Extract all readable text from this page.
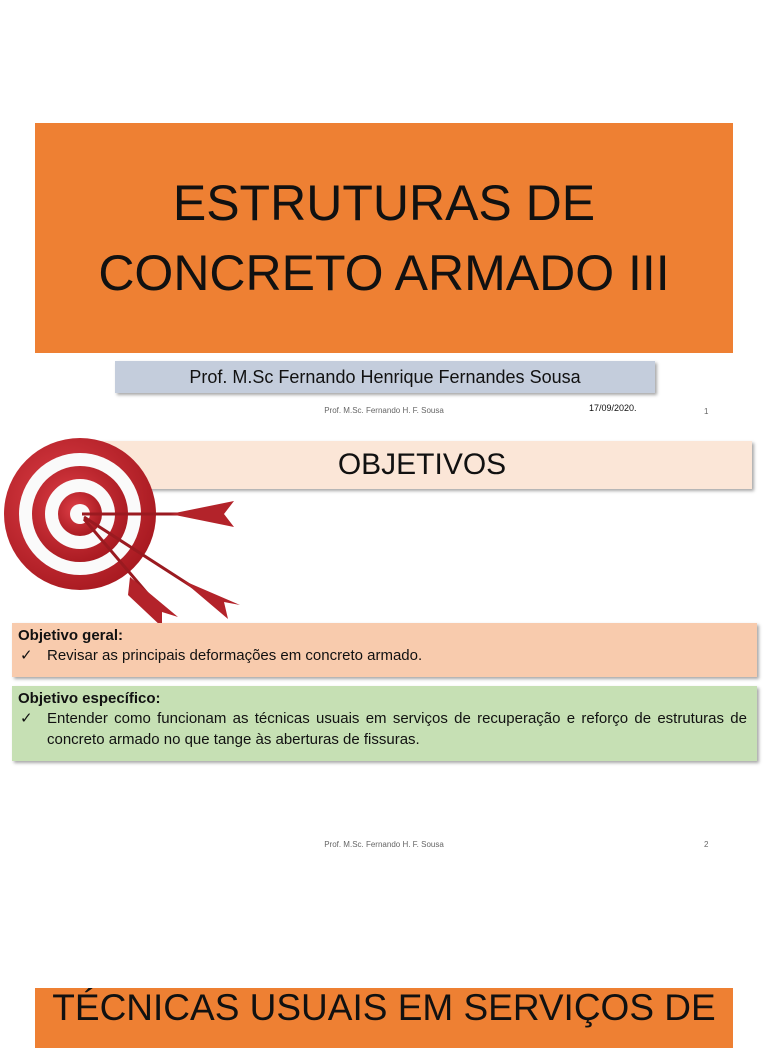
ESTRUTURAS DE
CONCRETO ARMADO III
Prof. M.Sc Fernando Henrique Fernandes Sousa
Prof. M.Sc. Fernando H. F. Sousa	17/09/2020.	1
OBJETIVOS
Objetivo geral:
✓ Revisar as principais deformações em concreto armado.
Objetivo específico:
✓ Entender como funcionam as técnicas usuais em serviços de recuperação e reforço de estruturas de concreto armado no que tange às aberturas de fissuras.
Prof. M.Sc. Fernando H. F. Sousa	2
TÉCNICAS USUAIS EM SERVIÇOS DE
